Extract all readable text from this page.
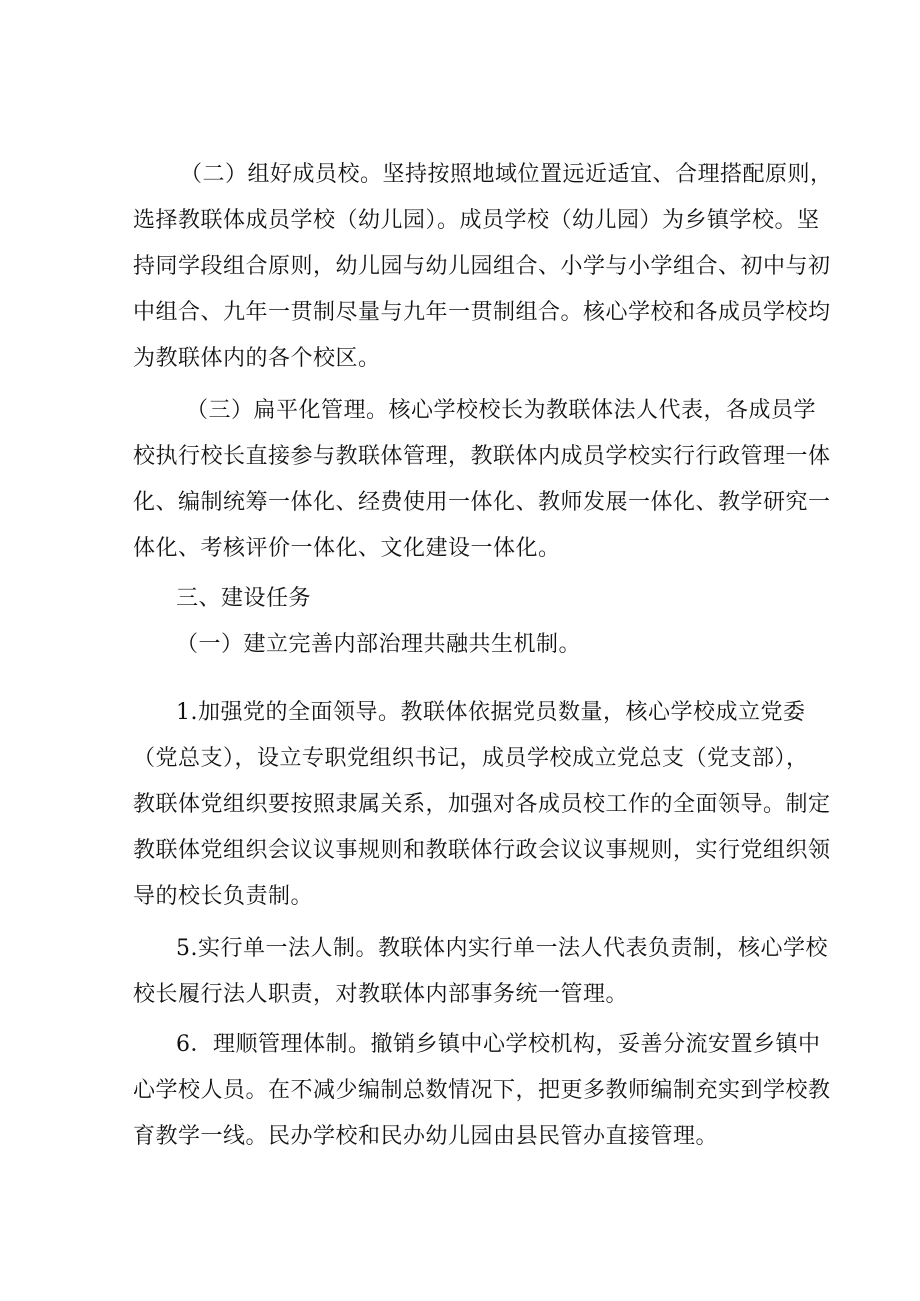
（二）组好成员校。坚持按照地域位置远近适宜、合理搭配原则，
选择教联体成员学校（幼儿园）。成员学校（幼儿园）为乡镇学校。坚
持同学段组合原则，幼儿园与幼儿园组合、小学与小学组合、初中与初
中组合、九年一贯制尽量与九年一贯制组合。核心学校和各成员学校均
为教联体内的各个校区。
（三）扁平化管理。核心学校校长为教联体法人代表，各成员学
校执行校长直接参与教联体管理，教联体内成员学校实行行政管理一体
化、编制统筹一体化、经费使用一体化、教师发展一体化、教学研究一
体化、考核评价一体化、文化建设一体化。
三、建设任务
（一）建立完善内部治理共融共生机制。
1.加强党的全面领导。教联体依据党员数量，核心学校成立党委
（党总支），设立专职党组织书记，成员学校成立党总支（党支部），
教联体党组织要按照隶属关系，加强对各成员校工作的全面领导。制定
教联体党组织会议议事规则和教联体行政会议议事规则，实行党组织领
导的校长负责制。
5.实行单一法人制。教联体内实行单一法人代表负责制，核心学校
校长履行法人职责，对教联体内部事务统一管理。
6．理顺管理体制。撤销乡镇中心学校机构，妥善分流安置乡镇中
心学校人员。在不减少编制总数情况下，把更多教师编制充实到学校教
育教学一线。民办学校和民办幼儿园由县民管办直接管理。
